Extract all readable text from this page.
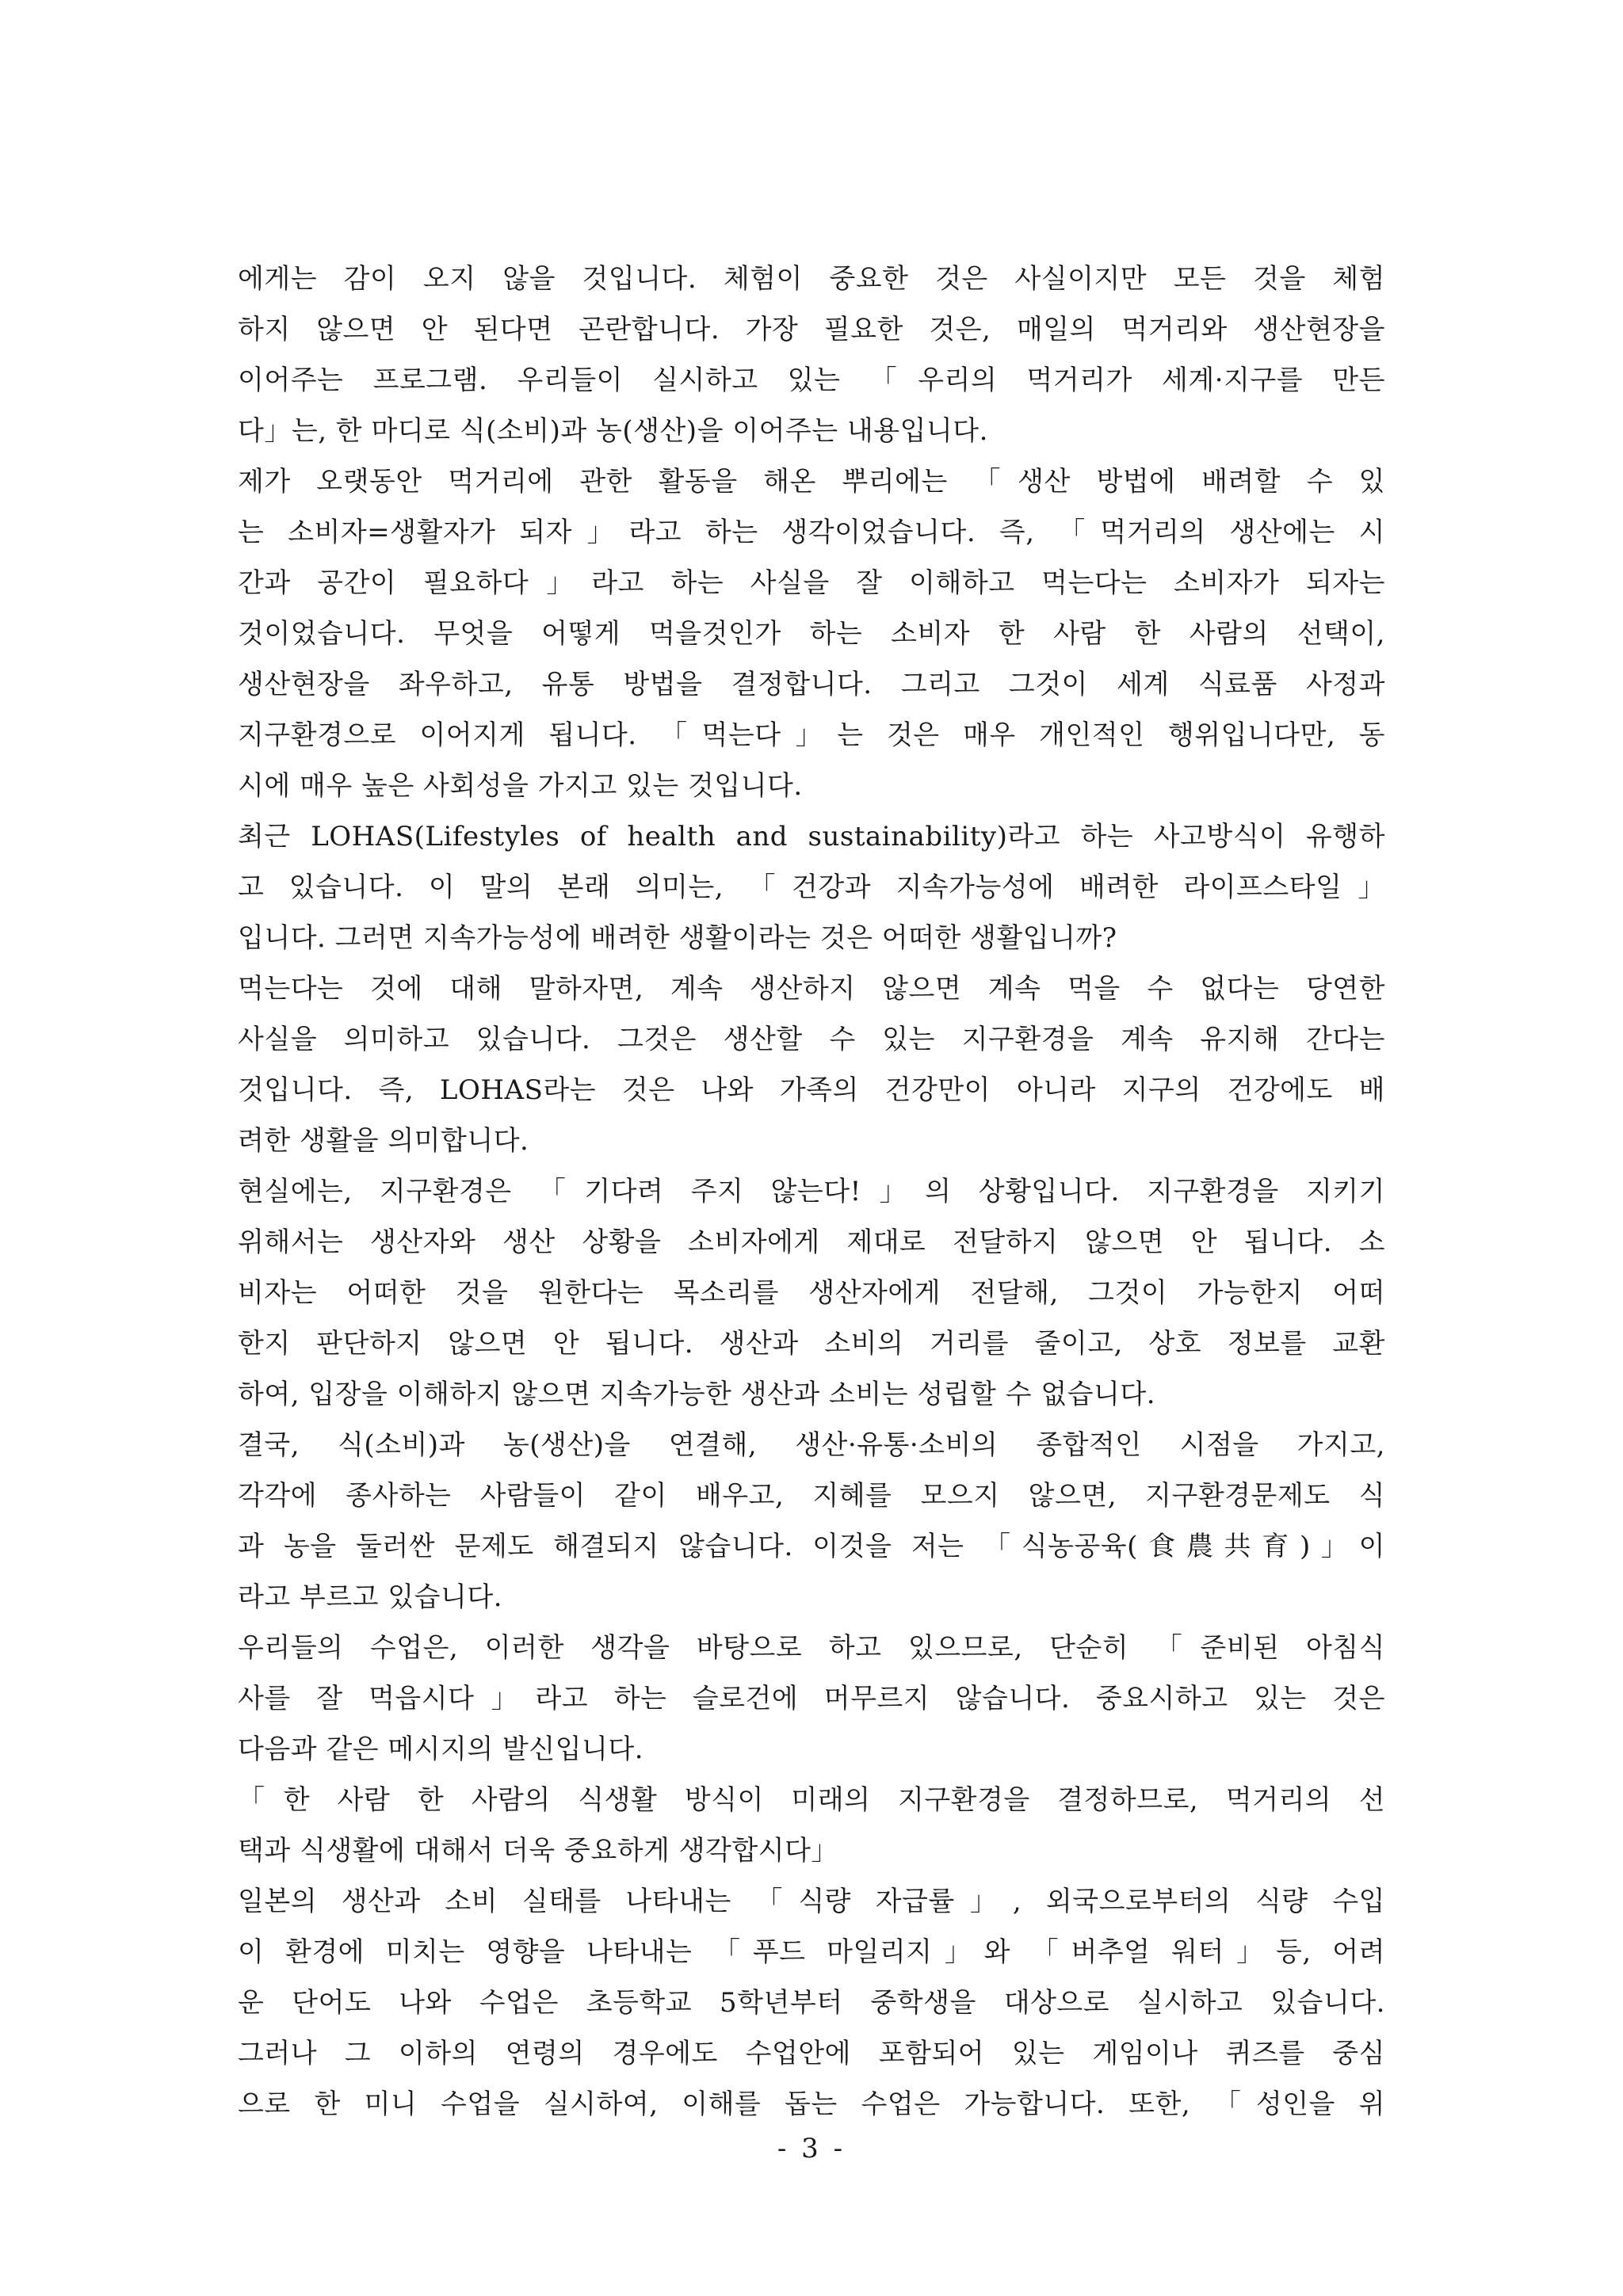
에게는 감이 오지 않을 것입니다. 체험이 중요한 것은 사실이지만 모든 것을 체험
하지 않으면 안 된다면 곤란합니다. 가장 필요한 것은, 매일의 먹거리와 생산현장을
이어주는 프로그램. 우리들이 실시하고 있는 「우리의 먹거리가 세계·지구를 만든
다」는, 한 마디로 식(소비)과 농(생산)을 이어주는 내용입니다.
제가 오랫동안 먹거리에 관한 활동을 해온 뿌리에는 「생산 방법에 배려할 수 있
는 소비자=생활자가 되자」라고 하는 생각이었습니다. 즉, 「먹거리의 생산에는 시
간과 공간이 필요하다」라고 하는 사실을 잘 이해하고 먹는다는 소비자가 되자는
것이었습니다. 무엇을 어떻게 먹을것인가 하는 소비자 한 사람 한 사람의 선택이,
생산현장을 좌우하고, 유통 방법을 결정합니다. 그리고 그것이 세계 식료품 사정과
지구환경으로 이어지게 됩니다. 「먹는다」는 것은 매우 개인적인 행위입니다만, 동
시에 매우 높은 사회성을 가지고 있는 것입니다.
최근 LOHAS(Lifestyles of health and sustainability)라고 하는 사고방식이 유행하
고 있습니다. 이 말의 본래 의미는, 「건강과 지속가능성에 배려한 라이프스타일」
입니다. 그러면 지속가능성에 배려한 생활이라는 것은 어떠한 생활입니까?
먹는다는 것에 대해 말하자면, 계속 생산하지 않으면 계속 먹을 수 없다는 당연한
사실을 의미하고 있습니다. 그것은 생산할 수 있는 지구환경을 계속 유지해 간다는
것입니다. 즉, LOHAS라는 것은 나와 가족의 건강만이 아니라 지구의 건강에도 배
려한 생활을 의미합니다.
현실에는, 지구환경은 「기다려 주지 않는다!」의 상황입니다. 지구환경을 지키기
위해서는 생산자와 생산 상황을 소비자에게 제대로 전달하지 않으면 안 됩니다. 소
비자는 어떠한 것을 원한다는 목소리를 생산자에게 전달해, 그것이 가능한지 어떠
한지 판단하지 않으면 안 됩니다. 생산과 소비의 거리를 줄이고, 상호 정보를 교환
하여, 입장을 이해하지 않으면 지속가능한 생산과 소비는 성립할 수 없습니다.
결국, 식(소비)과 농(생산)을 연결해, 생산·유통·소비의 종합적인 시점을 가지고,
각각에 종사하는 사람들이 같이 배우고, 지혜를 모으지 않으면, 지구환경문제도 식
과 농을 둘러싼 문제도 해결되지 않습니다. 이것을 저는 「식농공육(食農共育)」이
라고 부르고 있습니다.
우리들의 수업은, 이러한 생각을 바탕으로 하고 있으므로, 단순히 「준비된 아침식
사를 잘 먹읍시다」라고 하는 슬로건에 머무르지 않습니다. 중요시하고 있는 것은
다음과 같은 메시지의 발신입니다.
「한 사람 한 사람의 식생활 방식이 미래의 지구환경을 결정하므로, 먹거리의 선
택과 식생활에 대해서 더욱 중요하게 생각합시다」
일본의 생산과 소비 실태를 나타내는 「식량 자급률」, 외국으로부터의 식량 수입
이 환경에 미치는 영향을 나타내는 「푸드 마일리지」와 「버추얼 워터」등, 어려
운 단어도 나와 수업은 초등학교 5학년부터 중학생을 대상으로 실시하고 있습니다.
그러나 그 이하의 연령의 경우에도 수업안에 포함되어 있는 게임이나 퀴즈를 중심
으로 한 미니 수업을 실시하여, 이해를 돕는 수업은 가능합니다. 또한, 「성인을 위
- 3 -
